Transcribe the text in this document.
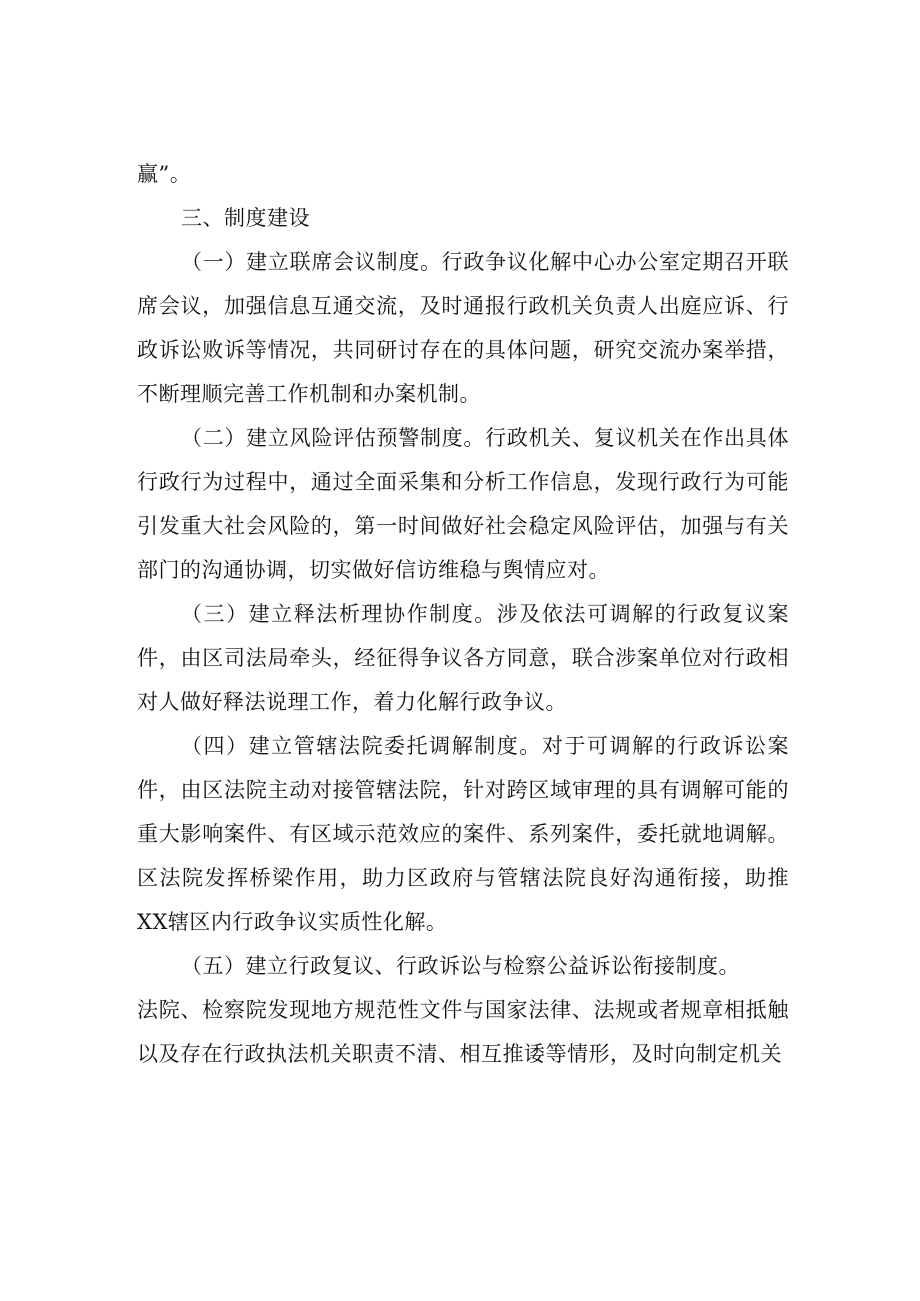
赢”。

三、制度建设

（一）建立联席会议制度。行政争议化解中心办公室定期召开联席会议，加强信息互通交流，及时通报行政机关负责人出庭应诉、行政诉讼败诉等情况，共同研讨存在的具体问题，研究交流办案举措，不断理顺完善工作机制和办案机制。

（二）建立风险评估预警制度。行政机关、复议机关在作出具体行政行为过程中，通过全面采集和分析工作信息，发现行政行为可能引发重大社会风险的，第一时间做好社会稳定风险评估，加强与有关部门的沟通协调，切实做好信访维稳与舆情应对。

（三）建立释法析理协作制度。涉及依法可调解的行政复议案件，由区司法局牵头，经征得争议各方同意，联合涉案单位对行政相对人做好释法说理工作，着力化解行政争议。

（四）建立管辖法院委托调解制度。对于可调解的行政诉讼案件，由区法院主动对接管辖法院，针对跨区域审理的具有调解可能的重大影响案件、有区域示范效应的案件、系列案件，委托就地调解。区法院发挥桥梁作用，助力区政府与管辖法院良好沟通衔接，助推XX辖区内行政争议实质性化解。

（五）建立行政复议、行政诉讼与检察公益诉讼衔接制度。

法院、检察院发现地方规范性文件与国家法律、法规或者规章相抵触以及存在行政执法机关职责不清、相互推诿等情形，及时向制定机关
